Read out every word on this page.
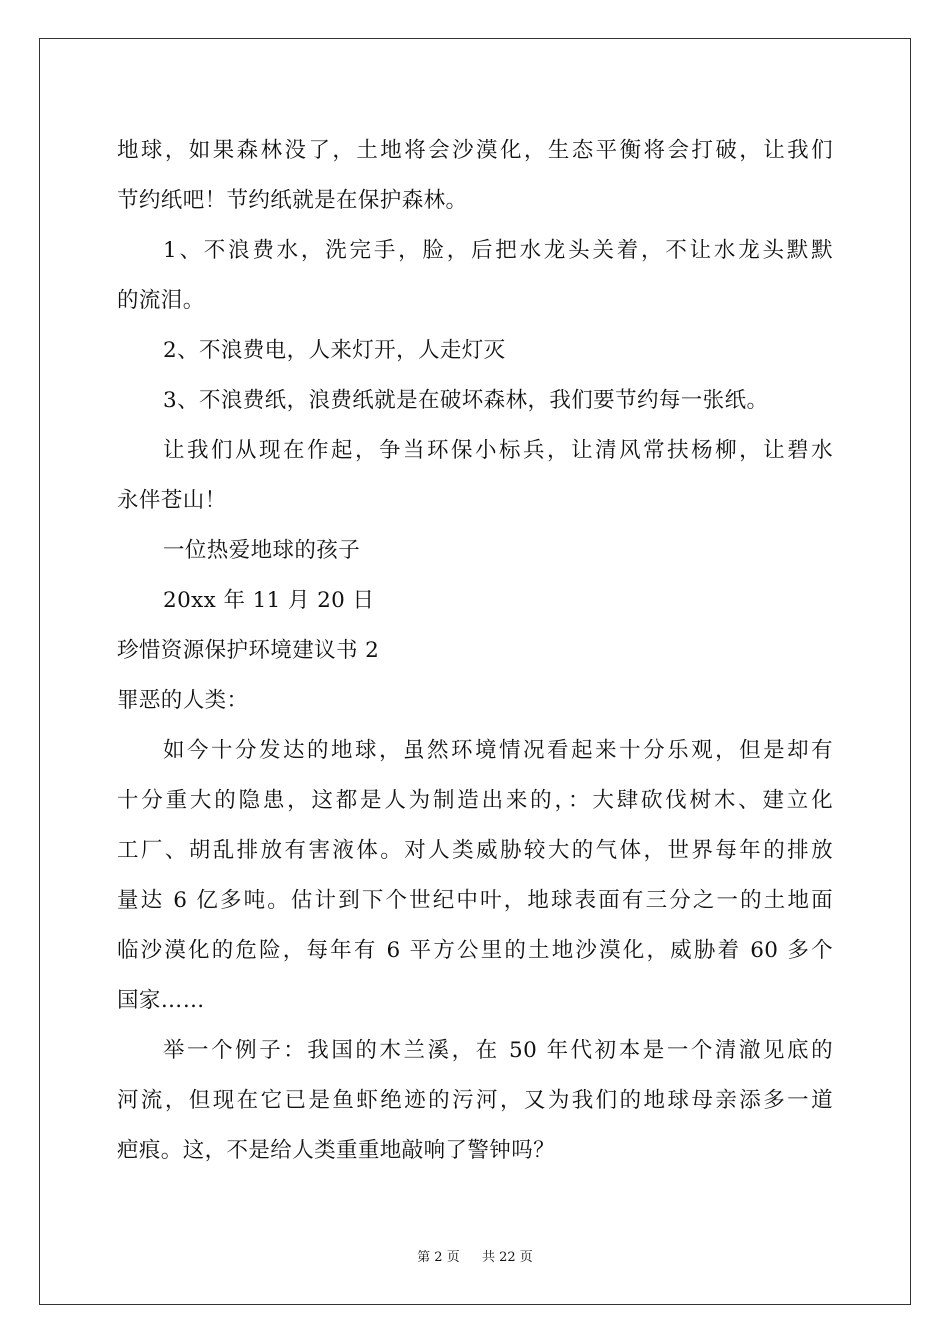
地球，如果森林没了，土地将会沙漠化，生态平衡将会打破，让我们
节约纸吧！节约纸就是在保护森林。
1、不浪费水，洗完手，脸，后把水龙头关着，不让水龙头默默
的流泪。
2、不浪费电，人来灯开，人走灯灭
3、不浪费纸，浪费纸就是在破坏森林，我们要节约每一张纸。
让我们从现在作起，争当环保小标兵，让清风常扶杨柳，让碧水
永伴苍山！
一位热爱地球的孩子
20xx 年 11 月 20 日
珍惜资源保护环境建议书 2
罪恶的人类：
如今十分发达的地球，虽然环境情况看起来十分乐观，但是却有
十分重大的隐患，这都是人为制造出来的，：大肆砍伐树木、建立化
工厂、胡乱排放有害液体。对人类威胁较大的气体，世界每年的排放
量达 6 亿多吨。估计到下个世纪中叶，地球表面有三分之一的土地面
临沙漠化的危险，每年有 6 平方公里的土地沙漠化，威胁着 60 多个
国家……
举一个例子：我国的木兰溪，在 50 年代初本是一个清澈见底的
河流，但现在它已是鱼虾绝迹的污河，又为我们的地球母亲添多一道
疤痕。这，不是给人类重重地敲响了警钟吗？
第 2 页 共 22 页
